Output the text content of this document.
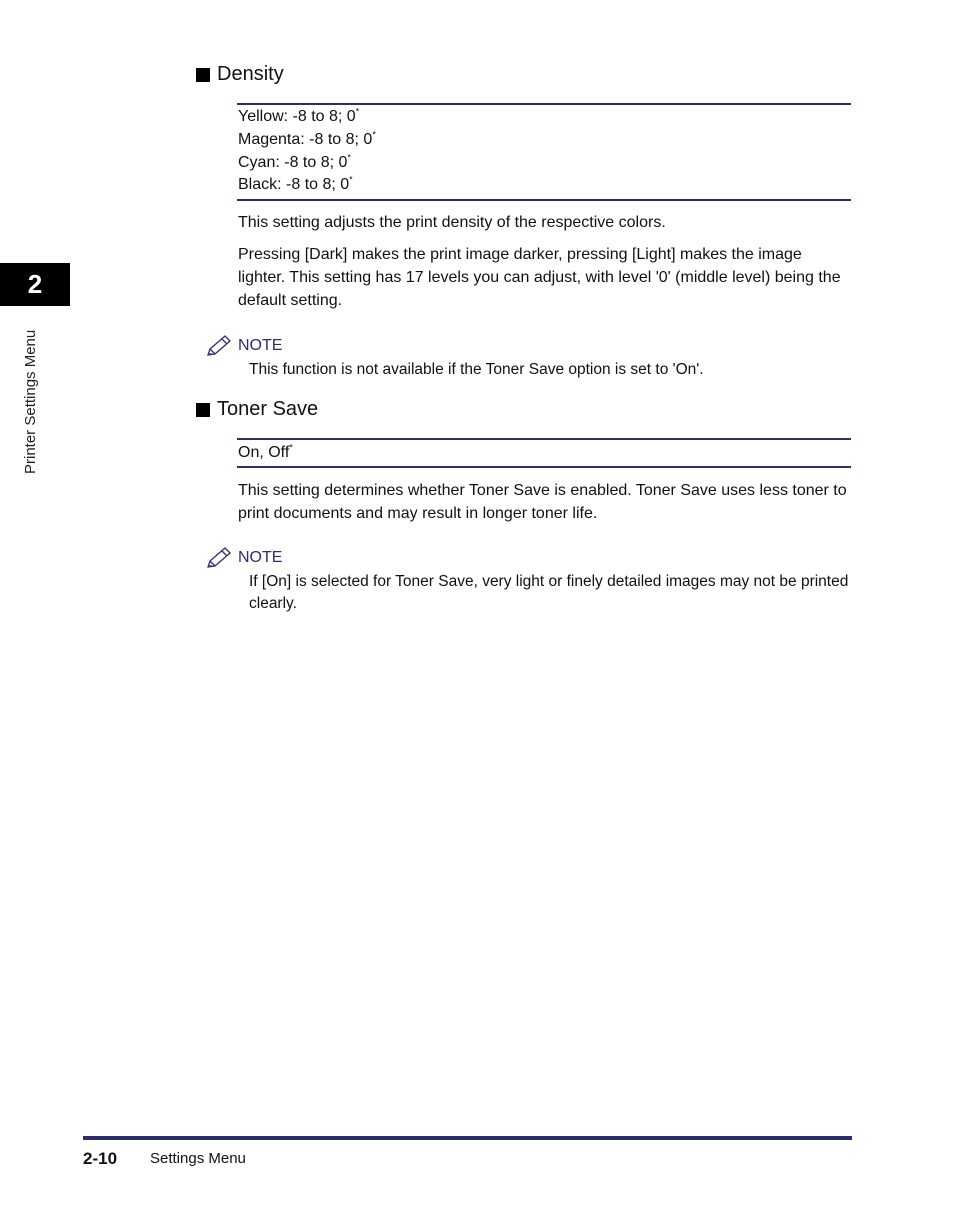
2
Printer Settings Menu
Density
Yellow: -8 to 8; 0*
Magenta: -8 to 8; 0*
Cyan: -8 to 8; 0*
Black: -8 to 8; 0*
This setting adjusts the print density of the respective colors.
Pressing [Dark] makes the print image darker, pressing [Light] makes the image lighter. This setting has 17 levels you can adjust, with level '0' (middle level) being the default setting.
NOTE
This function is not available if the Toner Save option is set to 'On'.
Toner Save
On, Off*
This setting determines whether Toner Save is enabled. Toner Save uses less toner to print documents and may result in longer toner life.
NOTE
If [On] is selected for Toner Save, very light or finely detailed images may not be printed clearly.
2-10 Settings Menu
